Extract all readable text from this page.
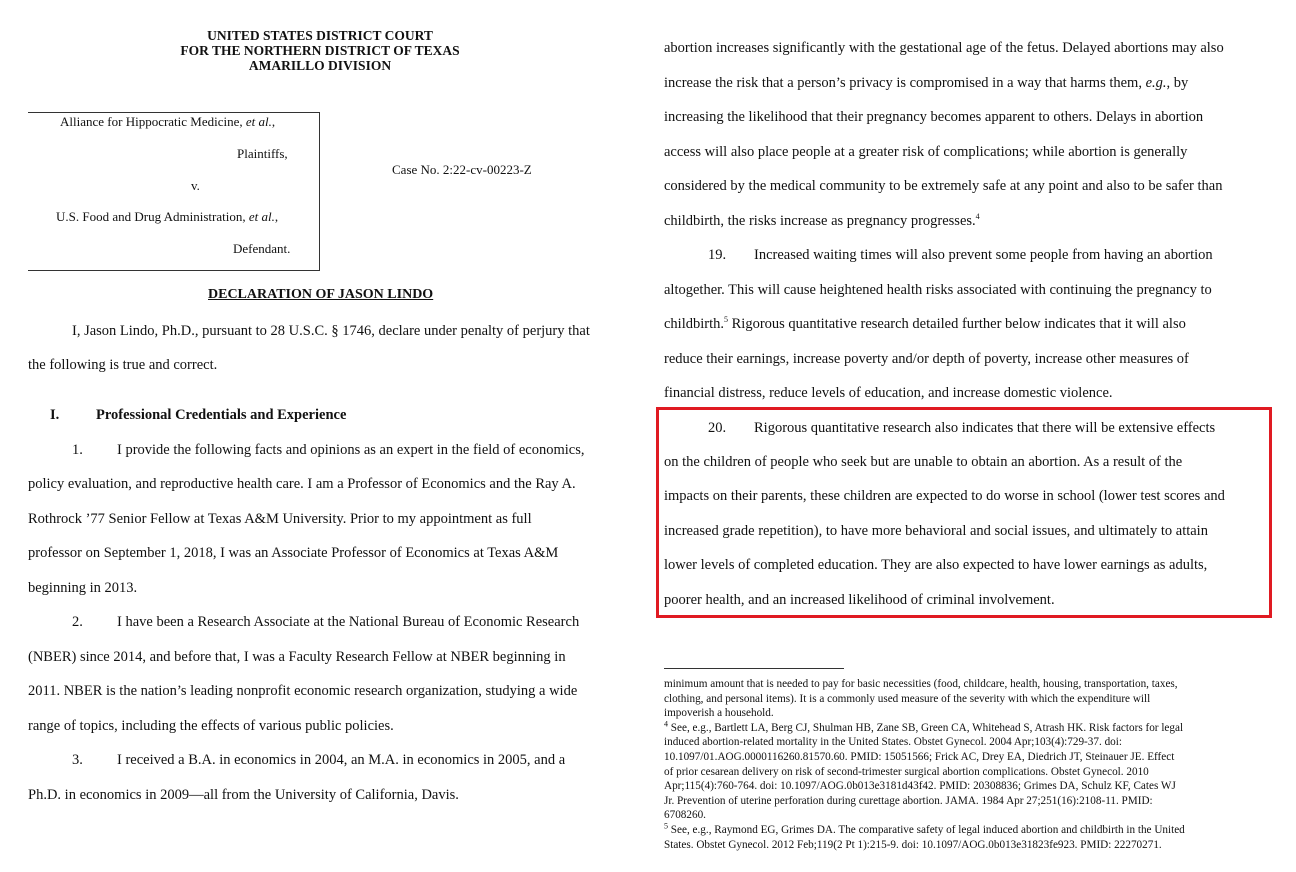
UNITED STATES DISTRICT COURT
FOR THE NORTHERN DISTRICT OF TEXAS
AMARILLO DIVISION
Alliance for Hippocratic Medicine, et al.,
Plaintiffs,
v.
U.S. Food and Drug Administration, et al.,
Defendant.
Case No. 2:22-cv-00223-Z
DECLARATION OF JASON LINDO
I, Jason Lindo, Ph.D., pursuant to 28 U.S.C. § 1746, declare under penalty of perjury that
the following is true and correct.
I.	Professional Credentials and Experience
1. I provide the following facts and opinions as an expert in the field of economics,
policy evaluation, and reproductive health care. I am a Professor of Economics and the Ray A.
Rothrock ’77 Senior Fellow at Texas A&M University. Prior to my appointment as full
professor on September 1, 2018, I was an Associate Professor of Economics at Texas A&M
beginning in 2013.
2. I have been a Research Associate at the National Bureau of Economic Research
(NBER) since 2014, and before that, I was a Faculty Research Fellow at NBER beginning in
2011. NBER is the nation’s leading nonprofit economic research organization, studying a wide
range of topics, including the effects of various public policies.
3. I received a B.A. in economics in 2004, an M.A. in economics in 2005, and a
Ph.D. in economics in 2009—all from the University of California, Davis.
abortion increases significantly with the gestational age of the fetus. Delayed abortions may also
increase the risk that a person’s privacy is compromised in a way that harms them, e.g., by
increasing the likelihood that their pregnancy becomes apparent to others. Delays in abortion
access will also place people at a greater risk of complications; while abortion is generally
considered by the medical community to be extremely safe at any point and also to be safer than
childbirth, the risks increase as pregnancy progresses.$^4$
19. Increased waiting times will also prevent some people from having an abortion
altogether. This will cause heightened health risks associated with continuing the pregnancy to
childbirth.$^5$ Rigorous quantitative research detailed further below indicates that it will also
reduce their earnings, increase poverty and/or depth of poverty, increase other measures of
financial distress, reduce levels of education, and increase domestic violence.
20. Rigorous quantitative research also indicates that there will be extensive effects
on the children of people who seek but are unable to obtain an abortion. As a result of the
impacts on their parents, these children are expected to do worse in school (lower test scores and
increased grade repetition), to have more behavioral and social issues, and ultimately to attain
lower levels of completed education. They are also expected to have lower earnings as adults,
poorer health, and an increased likelihood of criminal involvement.
minimum amount that is needed to pay for basic necessities (food, childcare, health, housing, transportation, taxes,
clothing, and personal items). It is a commonly used measure of the severity with which the expenditure will
impoverish a household.
$^4$ See, e.g., Bartlett LA, Berg CJ, Shulman HB, Zane SB, Green CA, Whitehead S, Atrash HK. Risk factors for legal
induced abortion-related mortality in the United States. Obstet Gynecol. 2004 Apr;103(4):729-37. doi:
10.1097/01.AOG.0000116260.81570.60. PMID: 15051566; Frick AC, Drey EA, Diedrich JT, Steinauer JE. Effect
of prior cesarean delivery on risk of second-trimester surgical abortion complications. Obstet Gynecol. 2010
Apr;115(4):760-764. doi: 10.1097/AOG.0b013e3181d43f42. PMID: 20308836; Grimes DA, Schulz KF, Cates WJ
Jr. Prevention of uterine perforation during curettage abortion. JAMA. 1984 Apr 27;251(16):2108-11. PMID:
6708260.
$^5$ See, e.g., Raymond EG, Grimes DA. The comparative safety of legal induced abortion and childbirth in the United
States. Obstet Gynecol. 2012 Feb;119(2 Pt 1):215-9. doi: 10.1097/AOG.0b013e31823fe923. PMID: 22270271.
